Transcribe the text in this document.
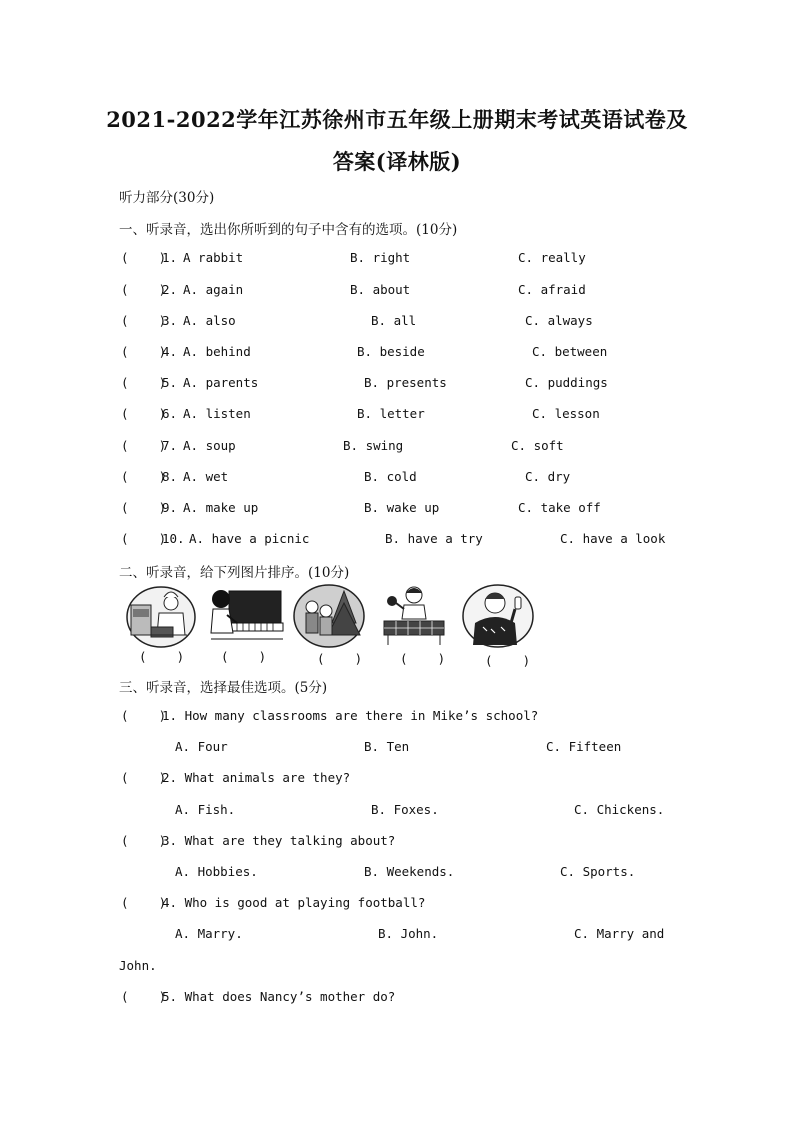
2021-2022学年江苏徐州市五年级上册期末考试英语试卷及
答案(译林版)
听力部分(30分)
一、听录音，选出你所听到的句子中含有的选项。(10分)
(    )
1. A rabbit	B. right	C. really
(    )
2. A. again	B. about	C. afraid
(    )
3. A. also	B. all	C. always
(    )
4. A. behind	B. beside	C. between
(    )
5. A. parents	B. presents	C. puddings
(    )
6. A. listen	B. letter	C. lesson
(    )
7. A. soup	B. swing	C. soft
(    )
8. A. wet	B. cold	C. dry
(    )
9. A. make up	B. wake up	C. take off
(    )
10. A. have a picnic	B. have a try	C. have a look
二、听录音，给下列图片排序。(10分)
(    )	(    )	(    )	(    )	(    )
三、听录音，选择最佳选项。(5分)
(    )
1. How many classrooms are there in Mike’s school?
A. Four	B. Ten	C. Fifteen
(    )
2. What animals are they?
A. Fish.	B. Foxes.	C. Chickens.
(    )
3. What are they talking about?
A. Hobbies.	B. Weekends.	C. Sports.
(    )
4. Who is good at playing football?
A. Marry.	B. John.	C. Marry and
John.
(    )
5. What does Nancy’s mother do?
